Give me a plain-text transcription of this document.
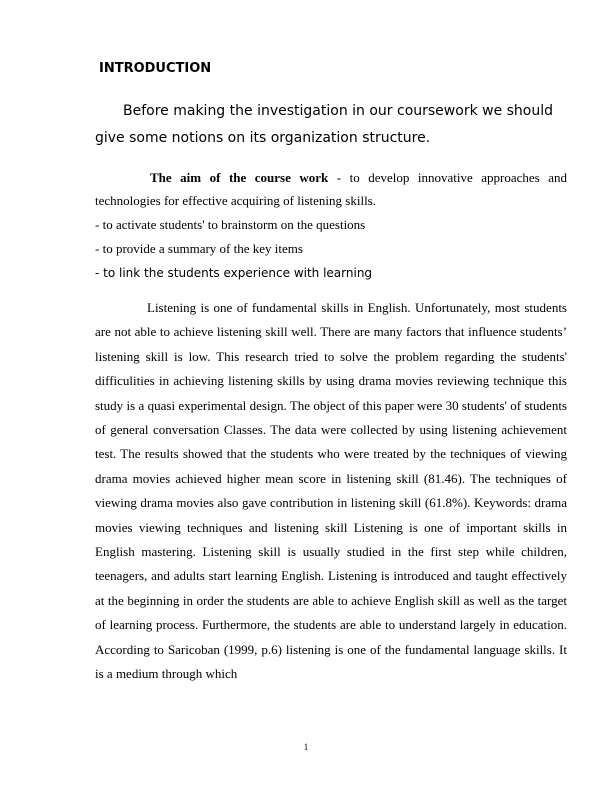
INTRODUCTION

Before making the investigation in our coursework we should give some notions on its organization structure.

The aim of the course work - to develop innovative approaches and technologies for effective acquiring of listening skills.

- to activate students' to brainstorm on the questions
- to provide a summary of the key items
- to link the students experience with learning

Listening is one of fundamental skills in English. Unfortunately, most students are not able to achieve listening skill well. There are many factors that influence students’ listening skill is low. This research tried to solve the problem regarding the students' difficulities in achieving listening skills by using drama movies reviewing technique this study is a quasi experimental design. The object of this paper were 30 students' of students of general conversation Classes. The data were collected by using listening achievement test. The results showed that the students who were treated by the techniques of viewing drama movies achieved higher mean score in listening skill (81.46). The techniques of viewing drama movies also gave contribution in listening skill (61.8%). Keywords: drama movies viewing techniques and listening skill Listening is one of important skills in English mastering. Listening skill is usually studied in the first step while children, teenagers, and adults start learning English. Listening is introduced and taught effectively at the beginning in order the students are able to achieve English skill as well as the target of learning process. Furthermore, the students are able to understand largely in education. According to Saricoban (1999, p.6) listening is one of the fundamental language skills. It is a medium through which

1
